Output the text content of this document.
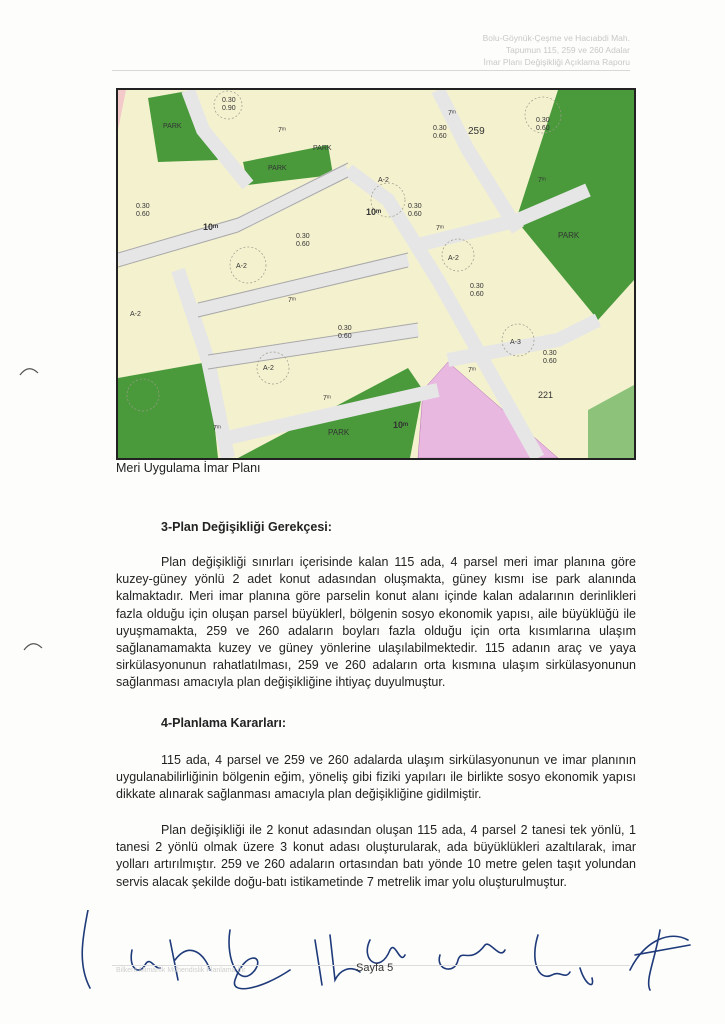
Bolu-Göynük-Çeşme ve Hacıabdi Mah.
Tapumun 115, 259 ve 260 Adalar
İmar Planı Değişikliği Açıklama Raporu
PARK
PARK
PARK
PARK
PARK
10ᵐ
10ᵐ
7ᵐ
7ᵐ
7ᵐ
7ᵐ
10ᵐ
7ᵐ
7ᵐ
7ᵐ
7ᵐ
0.30 0.90
0.30 0.60
0.30 0.60
0.30 0.60
0.30 0.60
0.30 0.60
0.30 0.60
0.30 0.60
0.30 0.60
259
221
A-2
A-2
A-2
A-2
A-2
A-3
Meri Uygulama İmar Planı
3-Plan Değişikliği Gerekçesi:

Plan değişikliği sınırları içerisinde kalan 115 ada, 4 parsel meri imar planına göre kuzey-güney yönlü 2 adet konut adasından oluşmakta, güney kısmı ise park alanında kalmaktadır. Meri imar planına göre parselin konut alanı içinde kalan adalarının derinlikleri fazla olduğu için oluşan parsel büyüklerl, bölgenin sosyo ekonomik yapısı, aile büyüklüğü ile uyuşmamakta, 259 ve 260 adaların boyları fazla olduğu için orta kısımlarına ulaşım sağlanamamakta kuzey ve güney yönlerine ulaşılabilmektedir. 115 adanın araç ve yaya sirkülasyonunun rahatlatılması, 259 ve 260 adaların orta kısmına ulaşım sirkülasyonunun sağlanması amacıyla plan değişikliğine ihtiyaç duyulmuştur.

4-Planlama Kararları:

115 ada, 4 parsel ve 259 ve 260 adalarda ulaşım sirkülasyonunun ve imar planının uygulanabilirliğinin bölgenin eğim, yöneliş gibi fiziki yapıları ile birlikte sosyo ekonomik yapısı dikkate alınarak sağlanması amacıyla plan değişikliğine gidilmiştir.

Plan değişikliği ile 2 konut adasından oluşan 115 ada, 4 parsel 2 tanesi tek yönlü, 1 tanesi 2 yönlü olmak üzere 3 konut adası oluşturularak, ada büyüklükleri azaltılarak, imar yolları artırılmıştır. 259 ve 260 adaların ortasından batı yönde 10 metre gelen taşıt yolundan servis alacak şekilde doğu-batı istikametinde 7 metrelik imar yolu oluşturulmuştur.

Bilkent Mimarlık Mühendislik Planlama İhr	Sayfa 5
